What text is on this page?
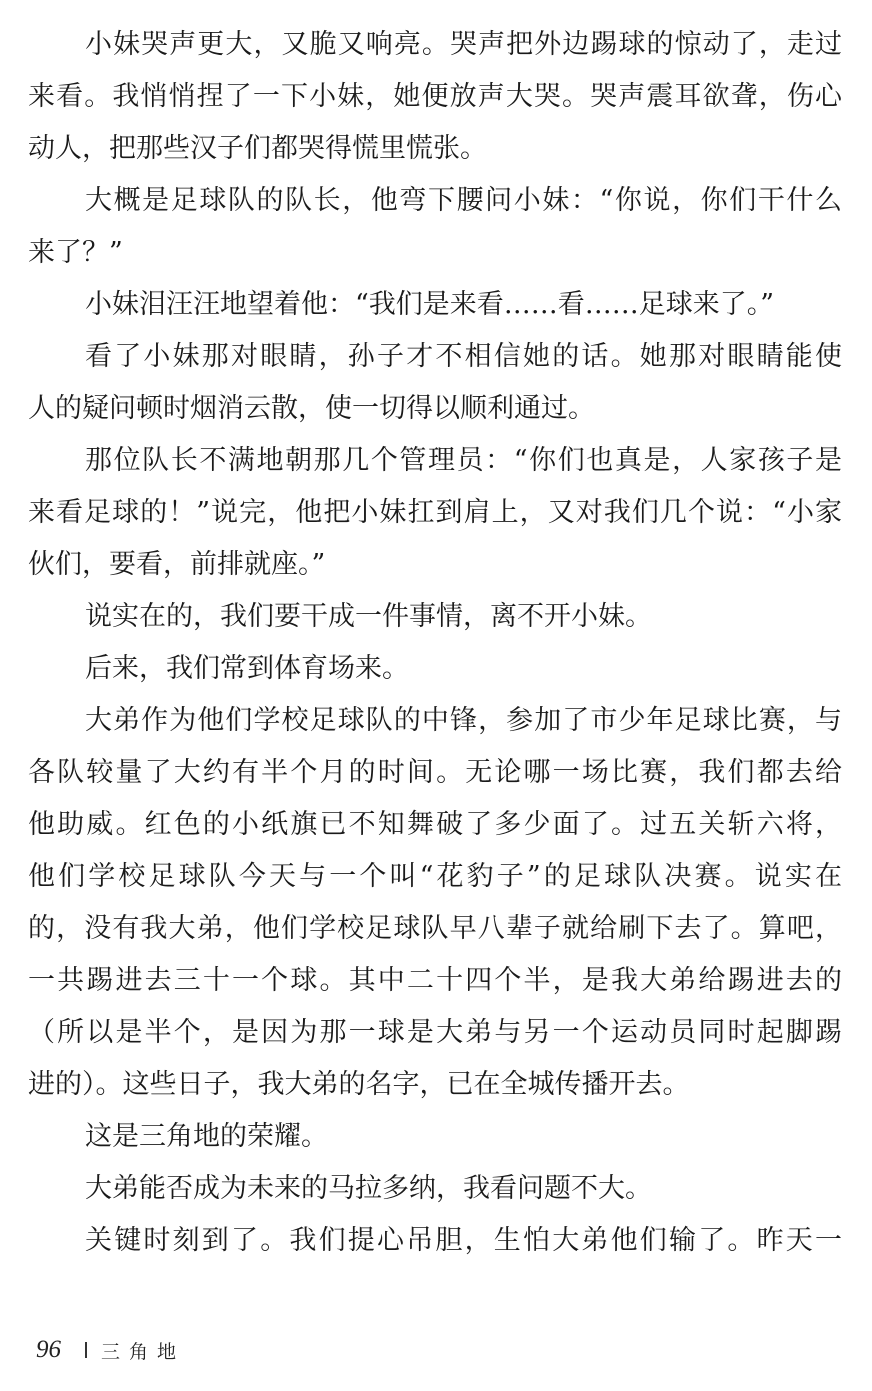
小妹哭声更大，又脆又响亮。哭声把外边踢球的惊动了，走过
来看。我悄悄捏了一下小妹，她便放声大哭。哭声震耳欲聋，伤心
动人，把那些汉子们都哭得慌里慌张。
大概是足球队的队长，他弯下腰问小妹：“你说，你们干什么
来了？”
小妹泪汪汪地望着他：“我们是来看……看……足球来了。”
看了小妹那对眼睛，孙子才不相信她的话。她那对眼睛能使
人的疑问顿时烟消云散，使一切得以顺利通过。
那位队长不满地朝那几个管理员：“你们也真是，人家孩子是
来看足球的！”说完，他把小妹扛到肩上，又对我们几个说：“小家
伙们，要看，前排就座。”
说实在的，我们要干成一件事情，离不开小妹。
后来，我们常到体育场来。
大弟作为他们学校足球队的中锋，参加了市少年足球比赛，与
各队较量了大约有半个月的时间。无论哪一场比赛，我们都去给
他助威。红色的小纸旗已不知舞破了多少面了。过五关斩六将，
他们学校足球队今天与一个叫“花豹子”的足球队决赛。说实在
的，没有我大弟，他们学校足球队早八辈子就给刷下去了。算吧，
一共踢进去三十一个球。其中二十四个半，是我大弟给踢进去的
（所以是半个，是因为那一球是大弟与另一个运动员同时起脚踢
进的）。这些日子，我大弟的名字，已在全城传播开去。
这是三角地的荣耀。
大弟能否成为未来的马拉多纳，我看问题不大。
关键时刻到了。我们提心吊胆，生怕大弟他们输了。昨天一
96 三角地
